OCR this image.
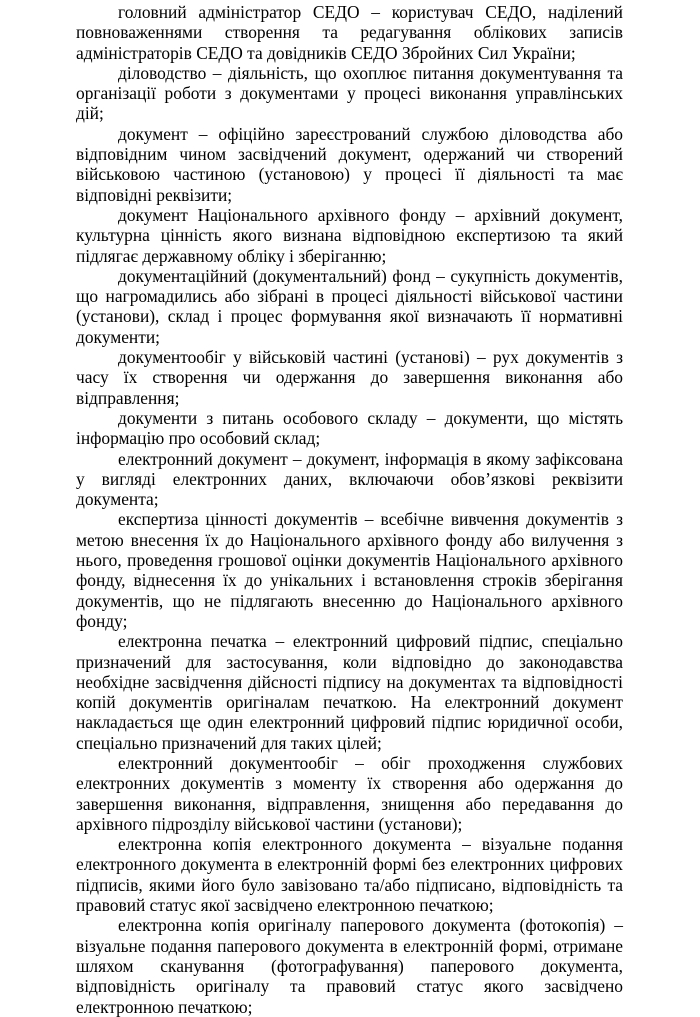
головний адміністратор СЕДО – користувач СЕДО, наділений повноваженнями створення та редагування облікових записів адміністраторів СЕДО та довідників СЕДО Збройних Сил України;

діловодство – діяльність, що охоплює питання документування та організації роботи з документами у процесі виконання управлінських дій;

документ – офіційно зареєстрований службою діловодства або відповідним чином засвідчений документ, одержаний чи створений військовою частиною (установою) у процесі її діяльності та має відповідні реквізити;

документ Національного архівного фонду – архівний документ, культурна цінність якого визнана відповідною експертизою та який підлягає державному обліку і зберіганню;

документаційний (документальний) фонд – сукупність документів, що нагромадились або зібрані в процесі діяльності військової частини (установи), склад і процес формування якої визначають її нормативні документи;

документообіг у військовій частині (установі) – рух документів з часу їх створення чи одержання до завершення виконання або відправлення;

документи з питань особового складу – документи, що містять інформацію про особовий склад;

електронний документ – документ, інформація в якому зафіксована у вигляді електронних даних, включаючи обов’язкові реквізити документа;

експертиза цінності документів – всебічне вивчення документів з метою внесення їх до Національного архівного фонду або вилучення з нього, проведення грошової оцінки документів Національного архівного фонду, віднесення їх до унікальних і встановлення строків зберігання документів, що не підлягають внесенню до Національного архівного фонду;

електронна печатка – електронний цифровий підпис, спеціально призначений для застосування, коли відповідно до законодавства необхідне засвідчення дійсності підпису на документах та відповідності копій документів оригіналам печаткою. На електронний документ накладається ще один електронний цифровий підпис юридичної особи, спеціально призначений для таких цілей;

електронний документообіг – обіг проходження службових електронних документів з моменту їх створення або одержання до завершення виконання, відправлення, знищення або передавання до архівного підрозділу військової частини (установи);

електронна копія електронного документа – візуальне подання електронного документа в електронній формі без електронних цифрових підписів, якими його було завізовано та/або підписано, відповідність та правовий статус якої засвідчено електронною печаткою;

електронна копія оригіналу паперового документа (фотокопія) – візуальне подання паперового документа в електронній формі, отримане шляхом сканування (фотографування) паперового документа, відповідність оригіналу та правовий статус якого засвідчено електронною печаткою;
